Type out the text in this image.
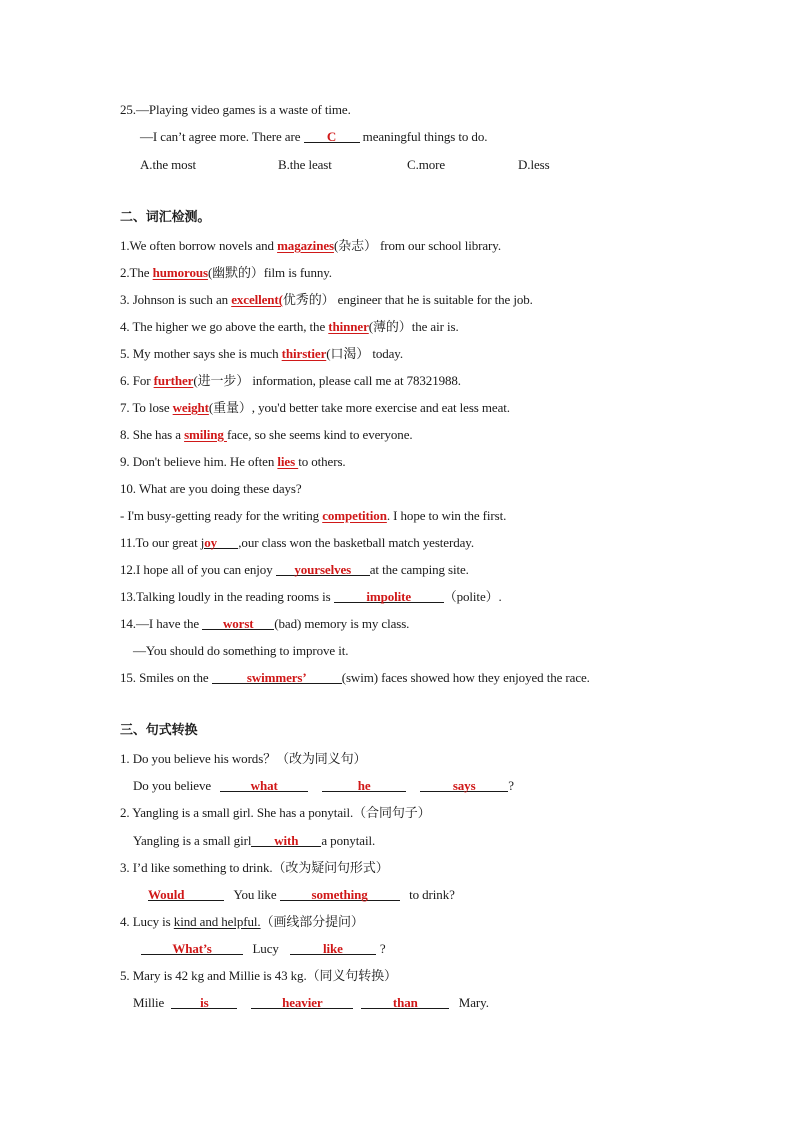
25.—Playing video games is a waste of time.
—I can’t agree more. There are C meaningful things to do.
A.the most	B.the least	C.more	D.less
二、词汇检测。
1.We often borrow novels and magazines(杂志） from our school library.
2.The humorous(幽默的）film is funny.
3. Johnson is such an excellent(优秀的） engineer that he is suitable for the job.
4. The higher we go above the earth, the thinner(薄的）the air is.
5. My mother says she is much thirstier(口渴） today.
6. For further(进一步） information, please call me at 78321988.
7. To lose weight(重量）, you'd better take more exercise and eat less meat.
8. She has a smiling face, so she seems kind to everyone.
9. Don't believe him. He often lies to others.
10. What are you doing these days?
- I'm busy-getting ready for the writing competition. I hope to win the first.
11.To our great joy ,our class won the basketball match yesterday.
12.I hope all of you can enjoy yourselves at the camping site.
13.Talking loudly in the reading rooms is	impolite	（polite）.
14.—I have the worst (bad) memory is my class.
—You should do something to improve it.
15. Smiles on the	swimmers’	(swim) faces showed how they enjoyed the race.
三、句式转换
1. Do you believe his words？（改为同义句）
Do you believe	what	he	says	?
2. Yangling is a small girl. She has a ponytail.（合同句子）
Yangling is a small girl with a ponytail.
3. I’d like something to drink.（改为疑问句形式）
Would	You like something	to drink?
4. Lucy is kind and helpful.（画线部分提问）
What’s	Lucy	like	?
5. Mary is 42 kg and Millie is 43 kg.（同义句转换）
Millie	is	heavier	than	Mary.
